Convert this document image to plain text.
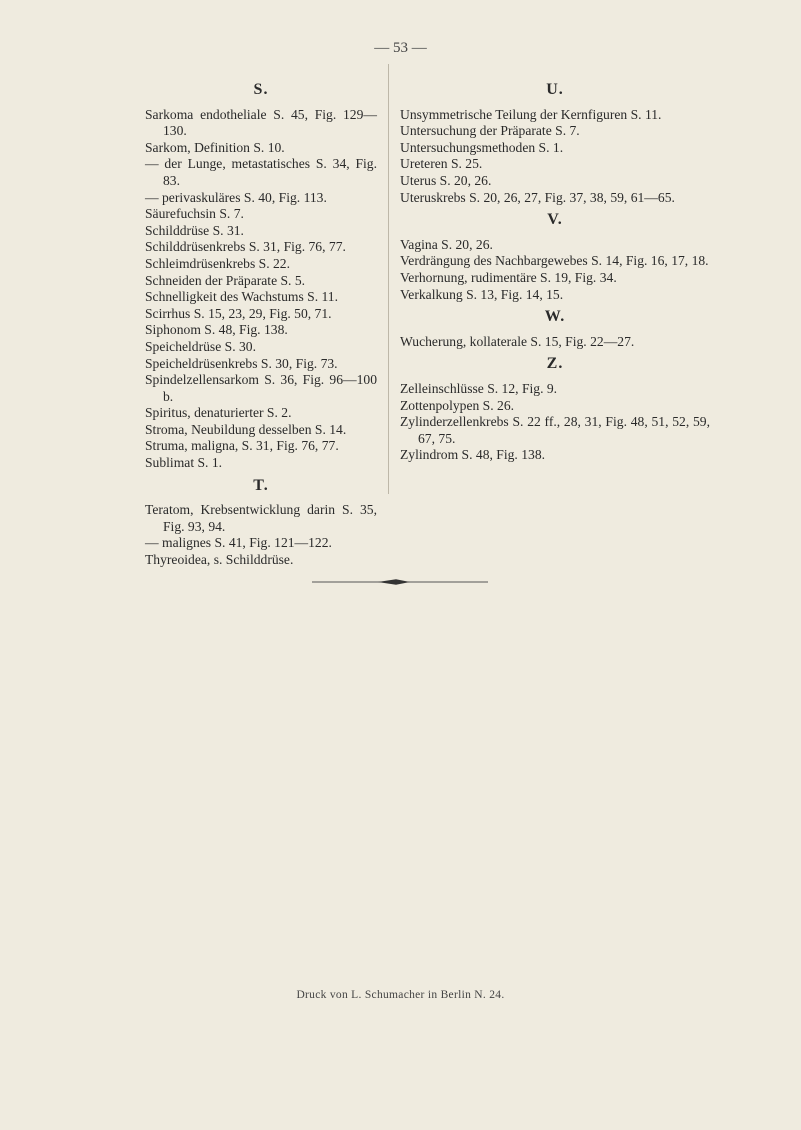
— 53 —
S.

Sarkoma endotheliale S. 45, Fig. 129—130.

Sarkom, Definition S. 10.

— der Lunge, metastatisches S. 34, Fig. 83.

— perivaskuläres S. 40, Fig. 113.

Säurefuchsin S. 7.

Schilddrüse S. 31.

Schilddrüsenkrebs S. 31, Fig. 76, 77.

Schleimdrüsenkrebs S. 22.

Schneiden der Präparate S. 5.

Schnelligkeit des Wachstums S. 11.

Scirrhus S. 15, 23, 29, Fig. 50, 71.

Siphonom S. 48, Fig. 138.

Speicheldrüse S. 30.

Speicheldrüsenkrebs S. 30, Fig. 73.

Spindelzellensarkom S. 36, Fig. 96—100 b.

Spiritus, denaturierter S. 2.

Stroma, Neubildung desselben S. 14.

Struma, maligna, S. 31, Fig. 76, 77.

Sublimat S. 1.

T.

Teratom, Krebsentwicklung darin S. 35, Fig. 93, 94.

— malignes S. 41, Fig. 121—122.

Thyreoidea, s. Schilddrüse.

U.

Unsymmetrische Teilung der Kernfiguren S. 11.

Untersuchung der Präparate S. 7.

Untersuchungsmethoden S. 1.

Ureteren S. 25.

Uterus S. 20, 26.

Uteruskrebs S. 20, 26, 27, Fig. 37, 38, 59, 61—65.

V.

Vagina S. 20, 26.

Verdrängung des Nachbargewebes S. 14, Fig. 16, 17, 18.

Verhornung, rudimentäre S. 19, Fig. 34.

Verkalkung S. 13, Fig. 14, 15.

W.

Wucherung, kollaterale S. 15, Fig. 22—27.

Z.

Zelleinschlüsse S. 12, Fig. 9.

Zottenpolypen S. 26.

Zylinderzellenkrebs S. 22 ff., 28, 31, Fig. 48, 51, 52, 59, 67, 75.

Zylindrom S. 48, Fig. 138.

Druck von L. Schumacher in Berlin N. 24.
